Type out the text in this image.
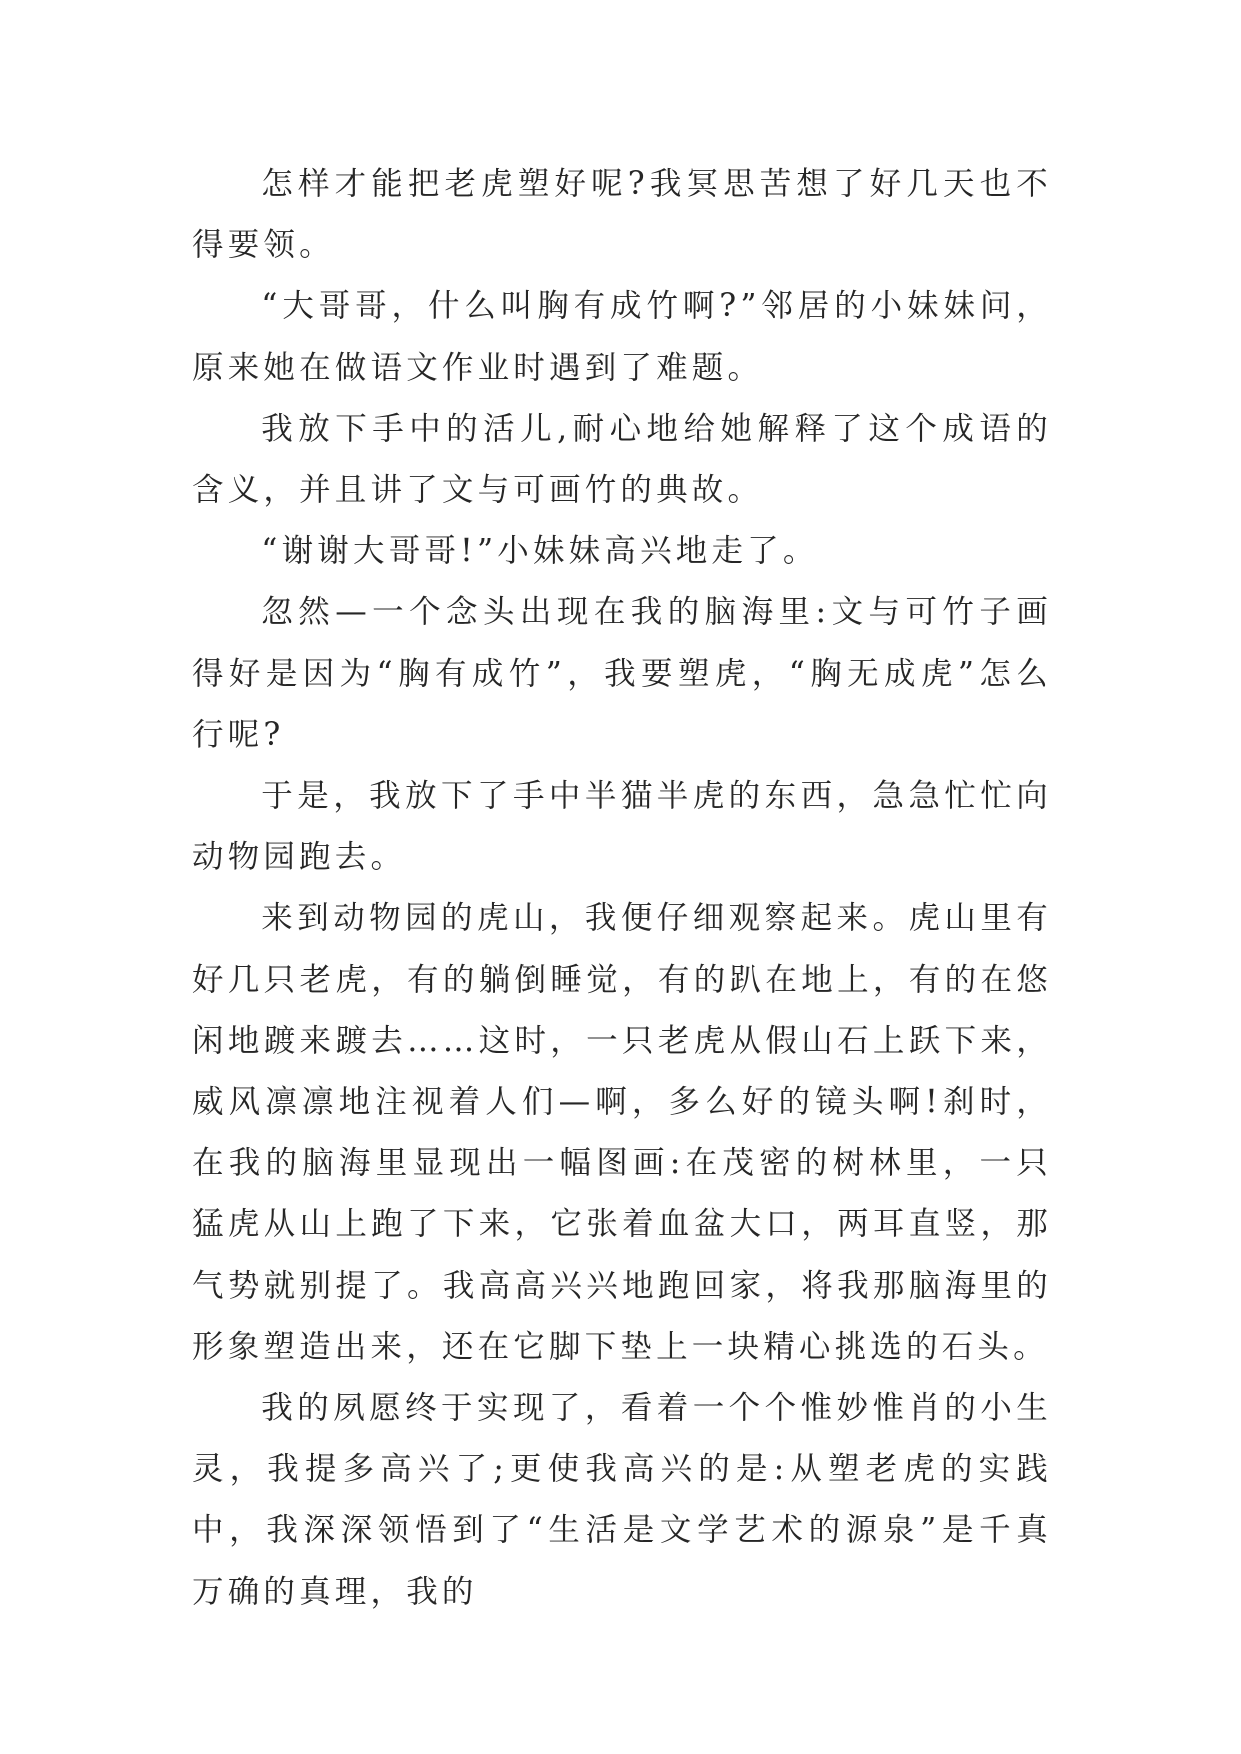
怎样才能把老虎塑好呢?我冥思苦想了好几天也不得要领。

“大哥哥，什么叫胸有成竹啊?”邻居的小妹妹问，原来她在做语文作业时遇到了难题。

我放下手中的活儿,耐心地给她解释了这个成语的含义，并且讲了文与可画竹的典故。

“谢谢大哥哥!”小妹妹高兴地走了。

忽然—一个念头出现在我的脑海里:文与可竹子画得好是因为“胸有成竹”，我要塑虎，“胸无成虎”怎么行呢?

于是，我放下了手中半猫半虎的东西，急急忙忙向动物园跑去。

来到动物园的虎山，我便仔细观察起来。虎山里有好几只老虎，有的躺倒睡觉，有的趴在地上，有的在悠闲地踱来踱去……这时，一只老虎从假山石上跃下来，威风凛凛地注视着人们—啊，多么好的镜头啊!刹时，在我的脑海里显现出一幅图画:在茂密的树林里，一只猛虎从山上跑了下来，它张着血盆大口，两耳直竖，那气势就别提了。我高高兴兴地跑回家，将我那脑海里的形象塑造出来，还在它脚下垫上一块精心挑选的石头。

我的夙愿终于实现了，看着一个个惟妙惟肖的小生灵，我提多高兴了;更使我高兴的是:从塑老虎的实践中，我深深领悟到了“生活是文学艺术的源泉”是千真万确的真理，我的
